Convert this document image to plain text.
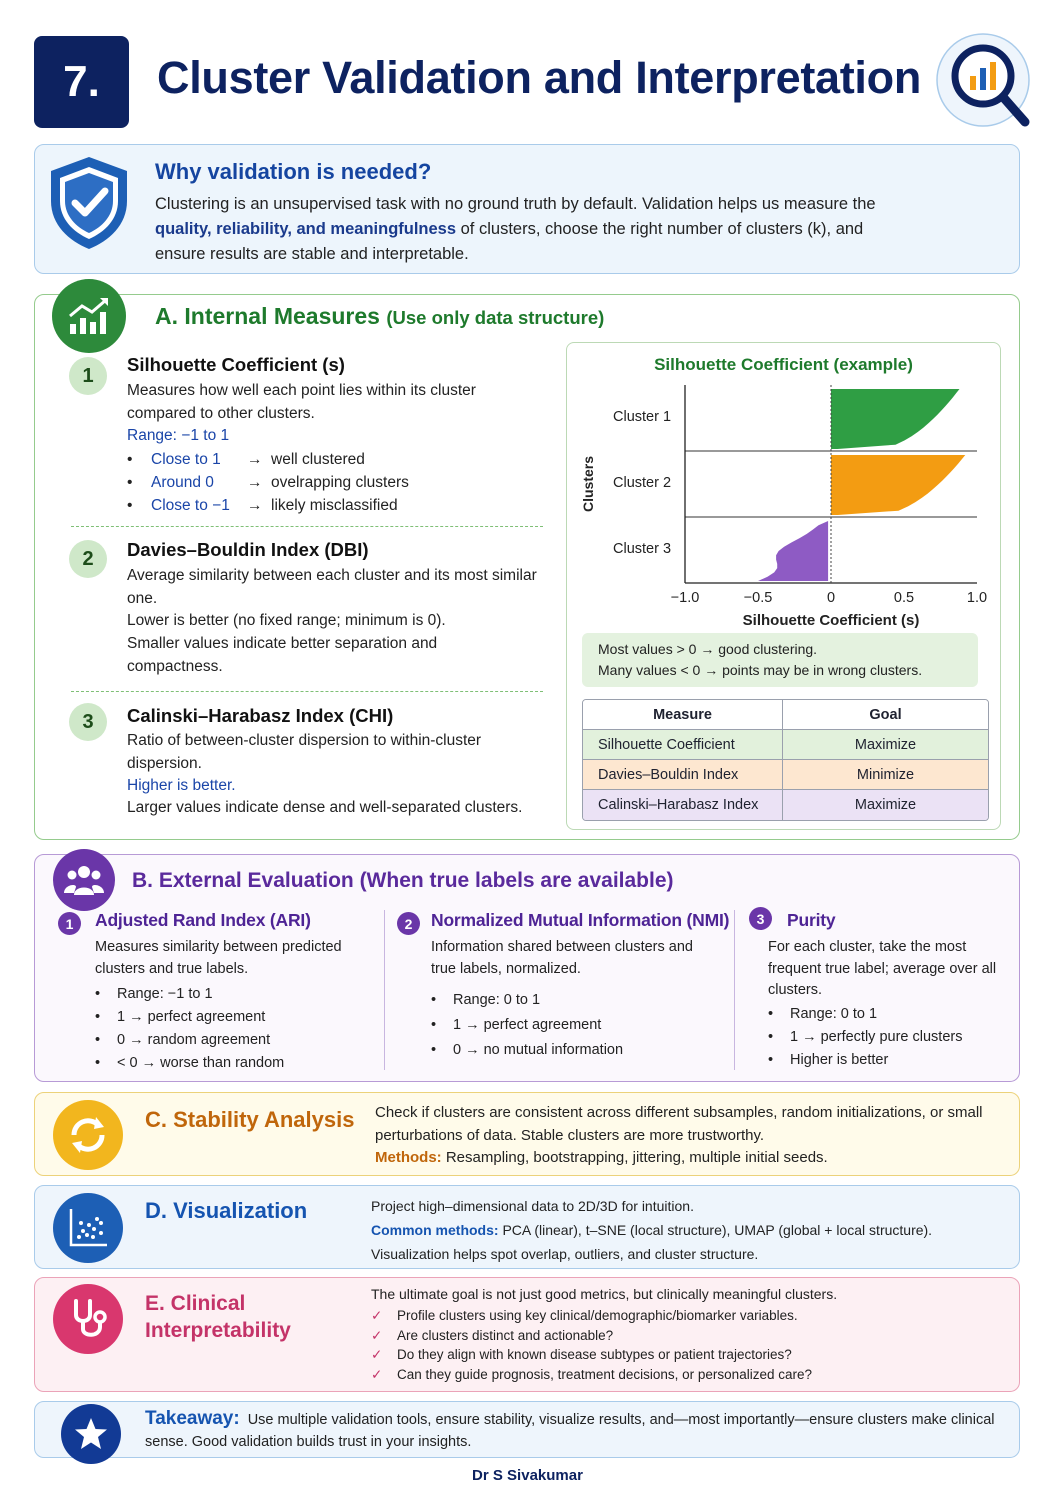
7.	Cluster Validation and Interpretation
Why validation is needed?

Clustering is an unsupervised task with no ground truth by default. Validation helps us measure the quality, reliability, and meaningfulness of clusters, choose the right number of clusters (k), and ensure results are stable and interpretable.

A. Internal Measures (Use only data structure)
1	Silhouette Coefficient (s)
Measures how well each point lies within its cluster compared to other clusters.
Range: −1 to 1
•	Close to 1	→ well clustered
•	Around 0	→ ovelrapping clusters
•	Close to −1	→ likely misclassified
2	Davies–Bouldin Index (DBI)
Average similarity between each cluster and its most similar one.
Lower is better (no fixed range; minimum is 0).
Smaller values indicate better separation and compactness.
3	Calinski–Harabasz Index (CHI)
Ratio of between-cluster dispersion to within-cluster dispersion.
Higher is better.
Larger values indicate dense and well-separated clusters.
Silhouette Coefficient (example)
Cluster 1
Cluster 2
Cluster 3
−1.0	−0.5	0	0.5	1.0
Silhouette Coefficient (s)
Clusters
Most values > 0 → good clustering.
Many values < 0 → points may be in wrong clusters.
Measure	Goal
Silhouette Coefficient	Maximize
Davies–Bouldin Index	Minimize
Calinski–Harabasz Index	Maximize
B. External Evaluation (When true labels are available)
1	Adjusted Rand Index (ARI)
Measures similarity between predicted clusters and true labels.
• Range: −1 to 1
• 1 → perfect agreement
• 0 → random agreement
• < 0 → worse than random
2	Normalized Mutual Information (NMI)
Information shared between clusters and true labels, normalized.
• Range: 0 to 1
• 1 → perfect agreement
• 0 → no mutual information
3	Purity
For each cluster, take the most frequent true label; average over all clusters.
• Range: 0 to 1
• 1 → perfectly pure clusters
• Higher is better
C. Stability Analysis Check if clusters are consistent across different subsamples, random initializations, or small perturbations of data. Stable clusters are more trustworthy.
Methods: Resampling, bootstrapping, jittering, multiple initial seeds.

D. Visualization	Project high–dimensional data to 2D/3D for intuition.
Common methods: PCA (linear), t–SNE (local structure), UMAP (global + local structure).
Visualization helps spot overlap, outliers, and cluster structure.

E. Clinical Interpretability
The ultimate goal is not just good metrics, but clinically meaningful clusters.
✓	Profile clusters using key clinical/demographic/biomarker variables.
✓	Are clusters distinct and actionable?
✓	Do they align with known disease subtypes or patient trajectories?
✓	Can they guide prognosis, treatment decisions, or personalized care?

Takeaway: Use multiple validation tools, ensure stability, visualize results, and—most importantly—ensure clusters make clinical sense. Good validation builds trust in your insights.

Dr S Sivakumar
